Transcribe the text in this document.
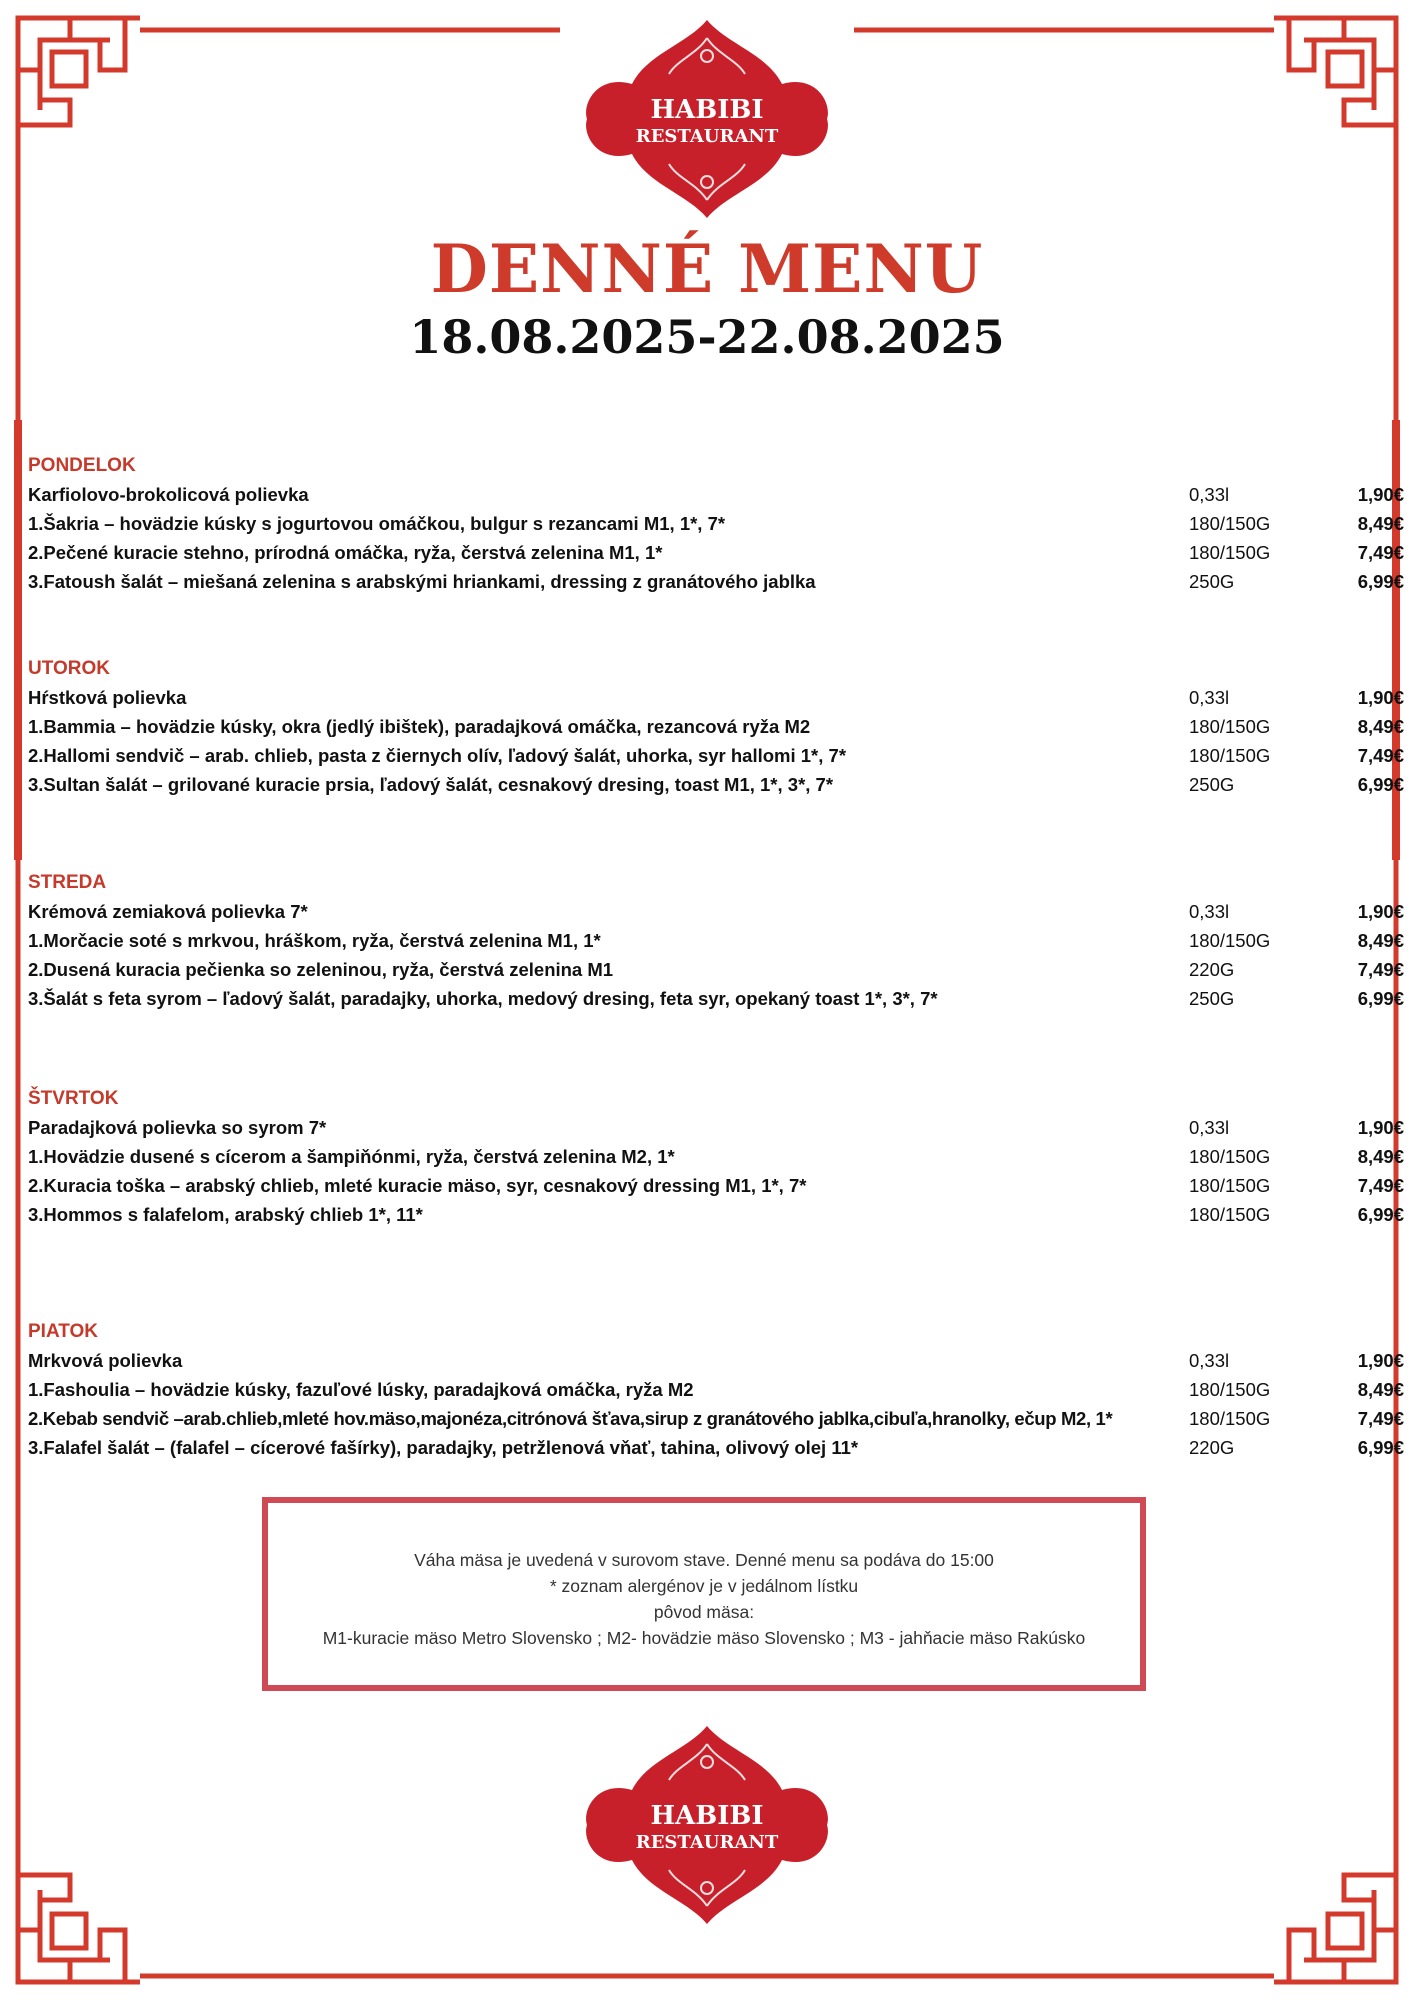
HABIBI
RESTAURANT
DENNÉ MENU
18.08.2025-22.08.2025
PONDELOK
Karfiolovo-brokolicová polievka	0,33l	1,90€
1.Šakria – hovädzie kúsky s jogurtovou omáčkou, bulgur s rezancami M1, 1*, 7*	180/150G	8,49€
2.Pečené kuracie stehno, prírodná omáčka, ryža, čerstvá zelenina M1, 1*	180/150G	7,49€
3.Fatoush šalát – miešaná zelenina s arabskými hriankami, dressing z granátového jablka	250G	6,99€
UTOROK
Hŕstková polievka	0,33l	1,90€
1.Bammia – hovädzie kúsky, okra (jedlý ibištek), paradajková omáčka, rezancová ryža M2	180/150G	8,49€
2.Hallomi sendvič – arab. chlieb, pasta z čiernych olív, ľadový šalát, uhorka, syr hallomi 1*, 7*	180/150G	7,49€
3.Sultan šalát – grilované kuracie prsia, ľadový šalát, cesnakový dresing, toast M1, 1*, 3*, 7*	250G	6,99€
STREDA
Krémová zemiaková polievka 7*	0,33l	1,90€
1.Morčacie soté s mrkvou, hráškom, ryža, čerstvá zelenina M1, 1*	180/150G	8,49€
2.Dusená kuracia pečienka so zeleninou, ryža, čerstvá zelenina M1	220G	7,49€
3.Šalát s feta syrom – ľadový šalát, paradajky, uhorka, medový dresing, feta syr, opekaný toast 1*, 3*, 7*	250G	6,99€
ŠTVRTOK
Paradajková polievka so syrom 7*	0,33l	1,90€
1.Hovädzie dusené s cícerom a šampiňónmi, ryža, čerstvá zelenina M2, 1*	180/150G	8,49€
2.Kuracia toška – arabský chlieb, mleté kuracie mäso, syr, cesnakový dressing M1, 1*, 7*	180/150G	7,49€
3.Hommos s falafelom, arabský chlieb 1*, 11*	180/150G	6,99€
PIATOK
Mrkvová polievka	0,33l	1,90€
1.Fashoulia – hovädzie kúsky, fazuľové lúsky, paradajková omáčka, ryža M2	180/150G	8,49€
2.Kebab sendvič –arab.chlieb,mleté hov.mäso,majonéza,citrónová šťava,sirup z granátového jablka,cibuľa,hranolky, ečup M2, 1*	180/150G	7,49€
3.Falafel šalát – (falafel – cícerové fašírky), paradajky, petržlenová vňať, tahina, olivový olej 11*	220G	6,99€
Váha mäsa je uvedená v surovom stave. Denné menu sa podáva do 15:00
* zoznam alergénov je v jedálnom lístku
pôvod mäsa:
M1-kuracie mäso Metro Slovensko ; M2- hovädzie mäso Slovensko ; M3 - jahňacie mäso Rakúsko
HABIBI
RESTAURANT
